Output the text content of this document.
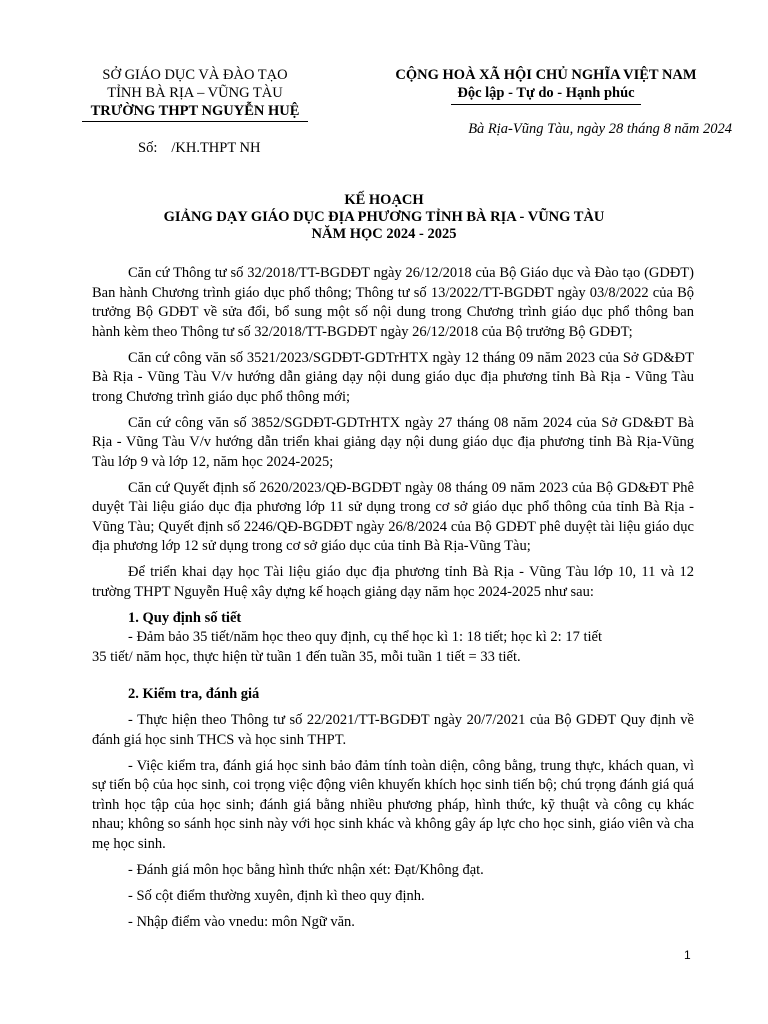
SỞ GIÁO DỤC VÀ ĐÀO TẠO
TỈNH BÀ RỊA – VŨNG TÀU
TRƯỜNG THPT NGUYỄN HUỆ
CỘNG HOÀ XÃ HỘI CHỦ NGHĨA VIỆT NAM
Độc lập - Tự do - Hạnh phúc
Bà Rịa-Vũng Tàu, ngày 28 tháng 8 năm 2024
Số: /KH.THPT NH
KẾ HOẠCH
GIẢNG DẠY GIÁO DỤC ĐỊA PHƯƠNG TỈNH BÀ RỊA - VŨNG TÀU
NĂM HỌC 2024 - 2025

Căn cứ Thông tư số 32/2018/TT-BGDĐT ngày 26/12/2018 của Bộ Giáo dục và Đào tạo (GDĐT) Ban hành Chương trình giáo dục phổ thông; Thông tư số 13/2022/TT-BGDĐT ngày 03/8/2022 của Bộ trưởng Bộ GDĐT về sửa đổi, bổ sung một số nội dung trong Chương trình giáo dục phổ thông ban hành kèm theo Thông tư số 32/2018/TT-BGDĐT ngày 26/12/2018 của Bộ trưởng Bộ GDĐT;

Căn cứ công văn số 3521/2023/SGDĐT-GDTrHTX ngày 12 tháng 09 năm 2023 của Sở GD&ĐT Bà Rịa - Vũng Tàu V/v hướng dẫn giảng dạy nội dung giáo dục địa phương tỉnh Bà Rịa - Vũng Tàu trong Chương trình giáo dục phổ thông mới;

Căn cứ công văn số 3852/SGDĐT-GDTrHTX ngày 27 tháng 08 năm 2024 của Sở GD&ĐT Bà Rịa - Vũng Tàu V/v hướng dẫn triển khai giảng dạy nội dung giáo dục địa phương tỉnh Bà Rịa-Vũng Tàu lớp 9 và lớp 12, năm học 2024-2025;

Căn cứ Quyết định số 2620/2023/QĐ-BGDĐT ngày 08 tháng 09 năm 2023 của Bộ GD&ĐT Phê duyệt Tài liệu giáo dục địa phương lớp 11 sử dụng trong cơ sở giáo dục phổ thông của tỉnh Bà Rịa - Vũng Tàu; Quyết định số 2246/QĐ-BGDĐT ngày 26/8/2024 của Bộ GDĐT phê duyệt tài liệu giáo dục địa phương lớp 12 sử dụng trong cơ sở giáo dục của tỉnh Bà Rịa-Vũng Tàu;

Để triển khai dạy học Tài liệu giáo dục địa phương tỉnh Bà Rịa - Vũng Tàu lớp 10, 11 và 12 trường THPT Nguyễn Huệ xây dựng kế hoạch giảng dạy năm học 2024-2025 như sau:

1. Quy định số tiết
- Đảm bảo 35 tiết/năm học theo quy định, cụ thể học kì 1: 18 tiết; học kì 2: 17 tiết
35 tiết/ năm học, thực hiện từ tuần 1 đến tuần 35, mỗi tuần 1 tiết = 33 tiết.
2. Kiểm tra, đánh giá

- Thực hiện theo Thông tư số 22/2021/TT-BGDĐT ngày 20/7/2021 của Bộ GDĐT Quy định về đánh giá học sinh THCS và học sinh THPT.

- Việc kiểm tra, đánh giá học sinh bảo đảm tính toàn diện, công bằng, trung thực, khách quan, vì sự tiến bộ của học sinh, coi trọng việc động viên khuyến khích học sinh tiến bộ; chú trọng đánh giá quá trình học tập của học sinh; đánh giá bằng nhiều phương pháp, hình thức, kỹ thuật và công cụ khác nhau; không so sánh học sinh này với học sinh khác và không gây áp lực cho học sinh, giáo viên và cha mẹ học sinh.

- Đánh giá môn học bằng hình thức nhận xét: Đạt/Không đạt.

- Số cột điểm thường xuyên, định kì theo quy định.

- Nhập điểm vào vnedu: môn Ngữ văn.

1
